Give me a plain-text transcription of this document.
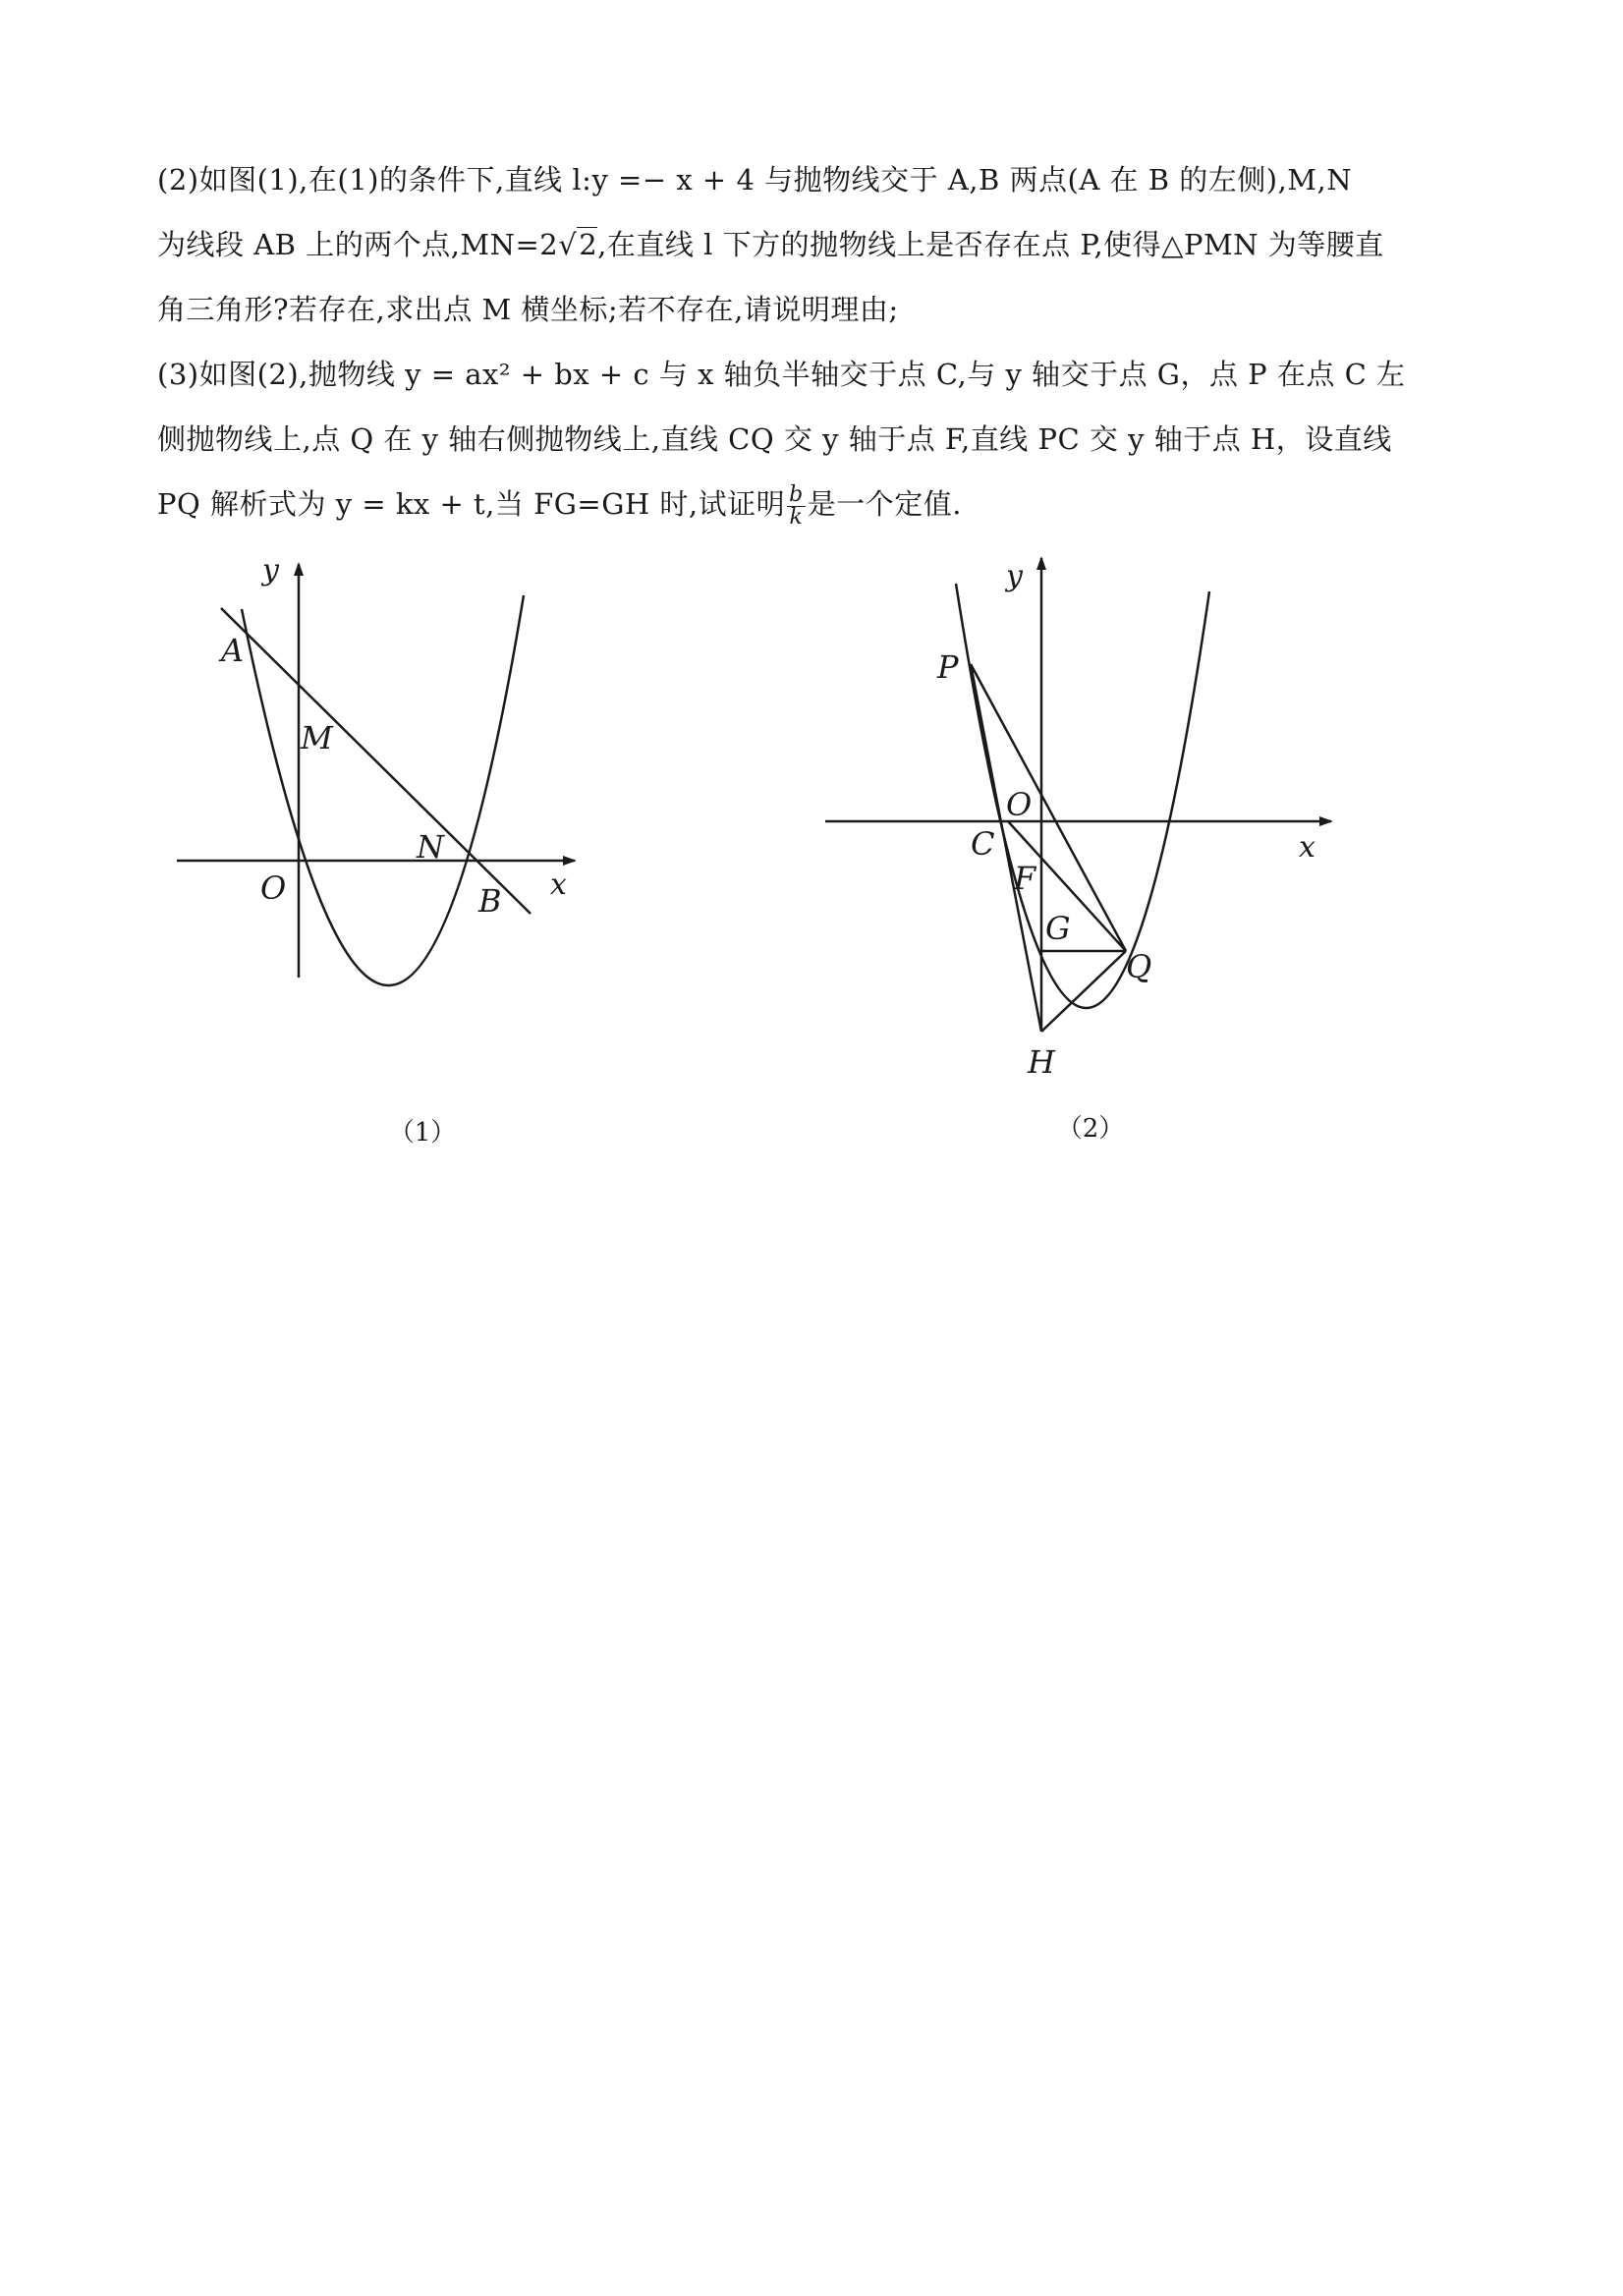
(2)如图(1),在(1)的条件下,直线 l:y =− x + 4 与抛物线交于 A,B 两点(A 在 B 的左侧),M,N

为线段 AB 上的两个点,MN=2√2,在直线 l 下方的抛物线上是否存在点 P,使得△PMN 为等腰直

角三角形?若存在,求出点 M 横坐标;若不存在,请说明理由;

(3)如图(2),抛物线 y = ax² + bx + c 与 x 轴负半轴交于点 C,与 y 轴交于点 G，点 P 在点 C 左

侧抛物线上,点 Q 在 y 轴右侧抛物线上,直线 CQ 交 y 轴于点 F,直线 PC 交 y 轴于点 H，设直线

PQ 解析式为 y = kx + t,当 FG=GH 时,试证明 $\frac{b}{k}$ 是一个定值.

y
x
A
M
N
O	B
y
x
P
O
C
F
G
Q
H
（1）	（2）
